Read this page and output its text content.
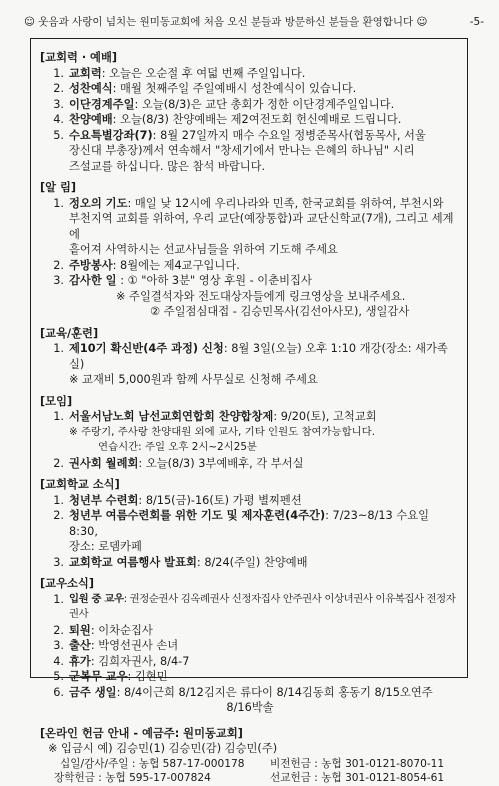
☺ 웃음과 사랑이 넘치는 원미동교회에 처음 오신 분들과 방문하신 분들을 환영합니다 ☺	-5-
[교회력 · 예배]
1. 교회력: 오늘은 오순절 후 여덟 번째 주일입니다.
2. 성찬예식: 매월 첫째주일 주일예배시 성찬예식이 있습니다.
3. 이단경계주일: 오늘(8/3)은 교단 총회가 정한 이단경계주일입니다.
4. 찬양예배: 오늘(8/3) 찬양예배는 제2여전도회 헌신예배로 드립니다.
5. 수요특별강좌(7): 8월 27일까지 매수 수요일 정병준목사(협동목사, 서울
장신대 부총장)께서 연속해서 "창세기에서 만나는 은혜의 하나님" 시리
즈설교를 하십니다. 많은 참석 바랍니다.
[알 림]
1. 정오의 기도: 매일 낮 12시에 우리나라와 민족, 한국교회를 위하여, 부천시와
부천지역 교회를 위하여, 우리 교단(예장통합)과 교단신학교(7개), 그리고 세계에
흩어져 사역하시는 선교사님들을 위하여 기도해 주세요
2. 주방봉사: 8월에는 제4교구입니다.
3. 감사한 일 : ① "아하 3분" 영상 후원 - 이춘비집사
※ 주일결석자와 전도대상자들에게 링크영상을 보내주세요.
② 주일점심대접 - 김승민목사(김선아사모), 생일감사
[교육/훈련]
1. 제10기 확신반(4주 과정) 신청: 8월 3일(오늘) 오후 1:10 개강(장소: 새가족실)
※ 교재비 5,000원과 함께 사무실로 신청해 주세요
[모임]
1. 서울서남노회 남선교회연합회 찬양합창제: 9/20(토), 고척교회
※ 주랑기, 주사랑 찬양대원 외에 교사, 기타 인원도 참여가능합니다.
연습시간: 주일 오후 2시~2시25분
2. 권사회 월례회: 오늘(8/3) 3부예배후, 각 부서실
[교회학교 소식]
1. 청년부 수련회: 8/15(금)-16(토) 가평 별찌펜션
2. 청년부 여름수련회를 위한 기도 및 제자훈련(4주간): 7/23~8/13 수요일 8:30,
장소: 로뎀카페
3. 교회학교 여름행사 발표회: 8/24(주일) 찬양예배
[교우소식]
1. 입원 중 교우: 권정순권사 김옥례권사 신정자집사 안주권사 이상녀권사 이유복집사 전정자권사
2. 퇴원: 이차순집사
3. 출산: 박영선권사 손녀
4. 휴가: 김희자권사, 8/4-7
5. 군복무 교우: 김현민
6. 금주 생일: 8/4이근희 8/12김지은 류다이 8/14김동희 홍동기 8/15오연주
8/16박솔
[온라인 헌금 안내 - 예금주: 원미동교회]
※ 입금시 예) 김승민(1) 김승민(감) 김승민(주)
십일/감사/주일 : 농협 587-17-000178	비전헌금 : 농협 301-0121-8070-11
장학헌금 : 농협 595-17-007824	선교헌금 : 농협 301-0121-8054-61
